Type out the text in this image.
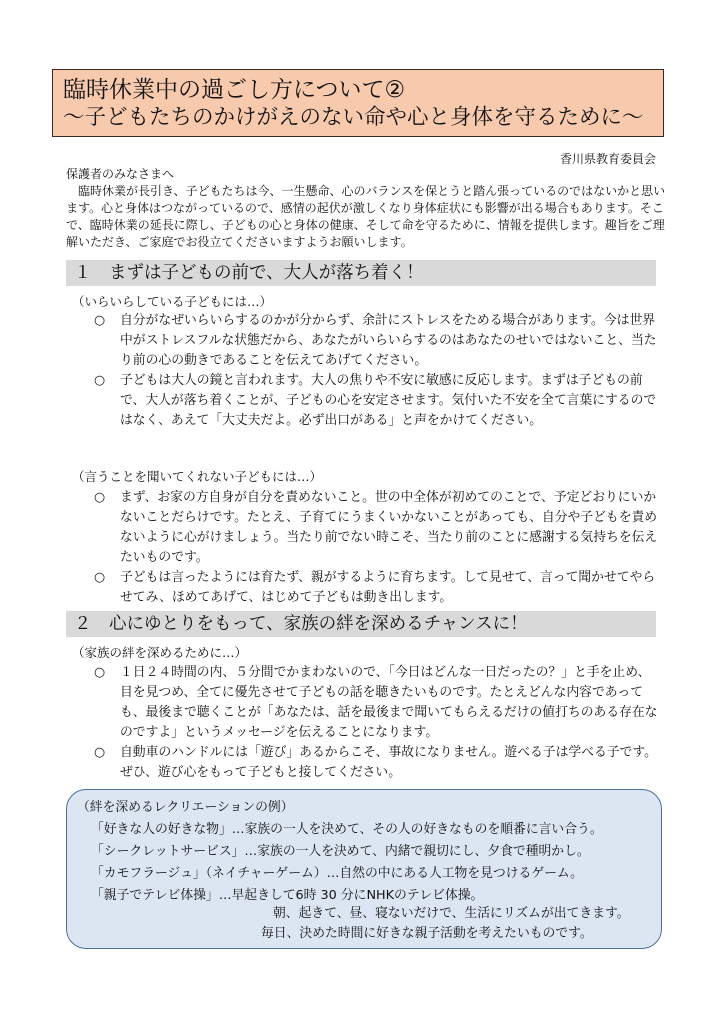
臨時休業中の過ごし方について②
～子どもたちのかけがえのない命や心と身体を守るために～
香川県教育委員会

保護者のみなさまへ

臨時休業が長引き、子どもたちは今、一生懸命、心のバランスを保とうと踏ん張っているのではないかと思います。心と身体はつながっているので、感情の起伏が激しくなり身体症状にも影響が出る場合もあります。そこで、臨時休業の延長に際し、子どもの心と身体の健康、そして命を守るために、情報を提供します。趣旨をご理解いただき、ご家庭でお役立てくださいますようお願いします。

１　まずは子どもの前で、大人が落ち着く！
（いらいらしている子どもには…）
○	自分がなぜいらいらするのかが分からず、余計にストレスをためる場合があります。今は世界中がストレスフルな状態だから、あなたがいらいらするのはあなたのせいではないこと、当たり前の心の動きであることを伝えてあげてください。
○	子どもは大人の鏡と言われます。大人の焦りや不安に敏感に反応します。まずは子どもの前で、大人が落ち着くことが、子どもの心を安定させます。気付いた不安を全て言葉にするのではなく、あえて「大丈夫だよ。必ず出口がある」と声をかけてください。
（言うことを聞いてくれない子どもには…）
○	まず、お家の方自身が自分を責めないこと。世の中全体が初めてのことで、予定どおりにいかないことだらけです。たとえ、子育てにうまくいかないことがあっても、自分や子どもを責めないように心がけましょう。当たり前でない時こそ、当たり前のことに感謝する気持ちを伝えたいものです。
○	子どもは言ったようには育たず、親がするように育ちます。して見せて、言って聞かせてやらせてみ、ほめてあげて、はじめて子どもは動き出します。
２　心にゆとりをもって、家族の絆を深めるチャンスに！
（家族の絆を深めるために…）
○	１日２４時間の内、５分間でかまわないので、「今日はどんな一日だったの？」と手を止め、目を見つめ、全てに優先させて子どもの話を聴きたいものです。たとえどんな内容であっても、最後まで聴くことが「あなたは、話を最後まで聞いてもらえるだけの値打ちのある存在なのですよ」というメッセージを伝えることになります。
○	自動車のハンドルには「遊び」あるからこそ、事故になりません。遊べる子は学べる子です。ぜひ、遊び心をもって子どもと接してください。
（絆を深めるレクリエーションの例）
「好きな人の好きな物」…家族の一人を決めて、その人の好きなものを順番に言い合う。
「シークレットサービス」…家族の一人を決めて、内緒で親切にし、夕食で種明かし。
「カモフラージュ」（ネイチャーゲーム）…自然の中にある人工物を見つけるゲーム。
「親子でテレビ体操」…早起きして6時 30 分にNHKのテレビ体操。
朝、起きて、昼、寝ないだけで、生活にリズムが出てきます。
毎日、決めた時間に好きな親子活動を考えたいものです。
